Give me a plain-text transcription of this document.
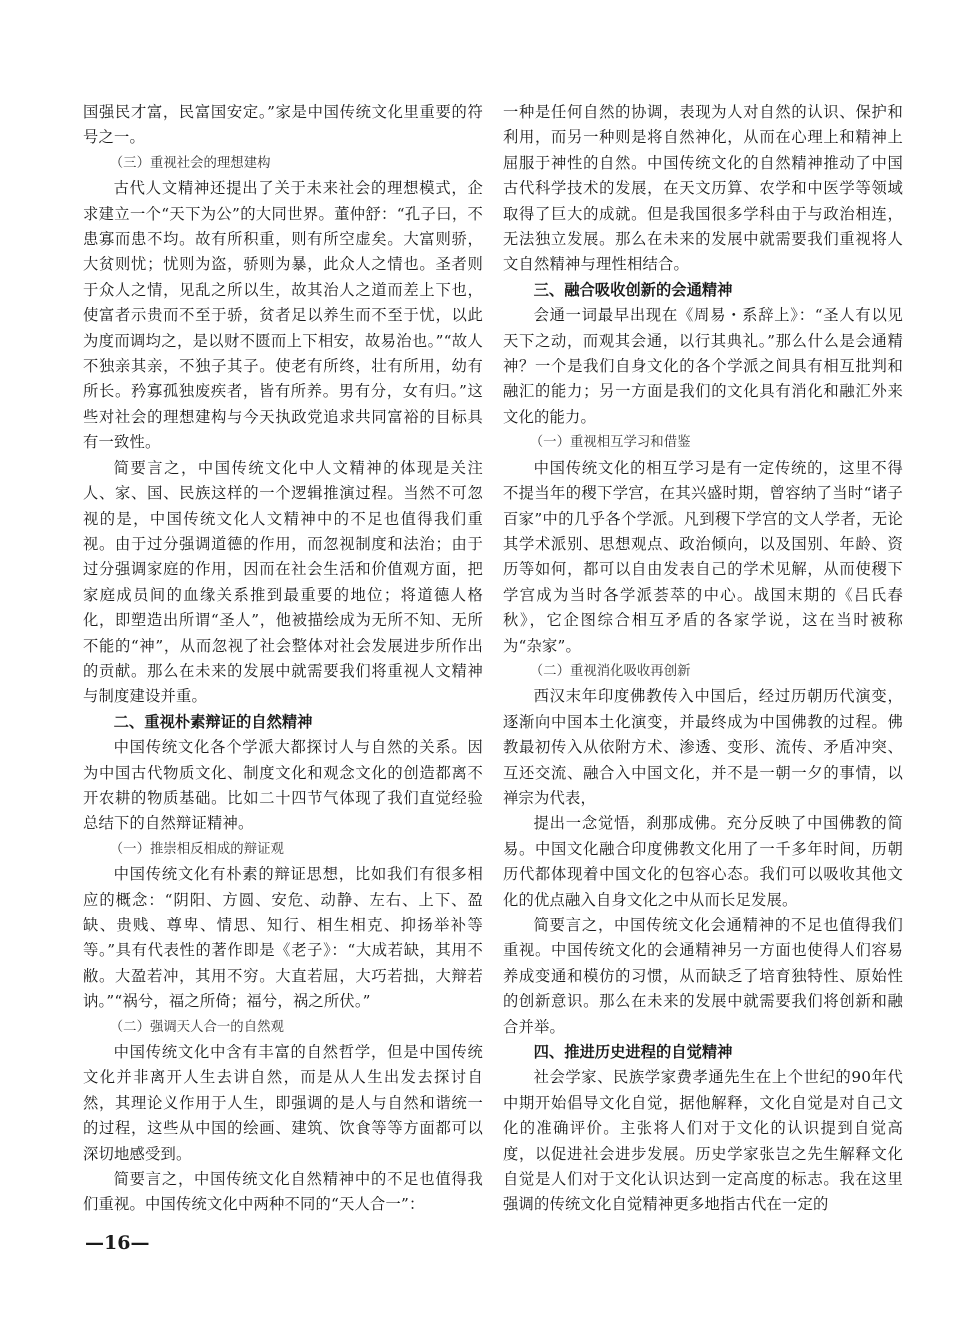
国强民才富，民富国安定。”家是中国传统文化里重要的符号之一。

（三）重视社会的理想建构

古代人文精神还提出了关于未来社会的理想模式，企求建立一个“天下为公”的大同世界。董仲舒：“孔子曰，不患寡而患不均。故有所积重，则有所空虚矣。大富则骄，大贫则忧；忧则为盗，骄则为暴，此众人之情也。圣者则于众人之情，见乱之所以生，故其治人之道而差上下也，使富者示贵而不至于骄，贫者足以养生而不至于忧，以此为度而调均之，是以财不匮而上下相安，故易治也。”“故人不独亲其亲，不独子其子。使老有所终，壮有所用，幼有所长。矜寡孤独废疾者，皆有所养。男有分，女有归。”这些对社会的理想建构与今天执政党追求共同富裕的目标具有一致性。

简要言之，中国传统文化中人文精神的体现是关注人、家、国、民族这样的一个逻辑推演过程。当然不可忽视的是，中国传统文化人文精神中的不足也值得我们重视。由于过分强调道德的作用，而忽视制度和法治；由于过分强调家庭的作用，因而在社会生活和价值观方面，把家庭成员间的血缘关系推到最重要的地位；将道德人格化，即塑造出所谓“圣人”，他被描绘成为无所不知、无所不能的“神”，从而忽视了社会整体对社会发展进步所作出的贡献。那么在未来的发展中就需要我们将重视人文精神与制度建设并重。

二、重视朴素辩证的自然精神

中国传统文化各个学派大都探讨人与自然的关系。因为中国古代物质文化、制度文化和观念文化的创造都离不开农耕的物质基础。比如二十四节气体现了我们直觉经验总结下的自然辩证精神。

（一）推崇相反相成的辩证观

中国传统文化有朴素的辩证思想，比如我们有很多相应的概念：“阴阳、方圆、安危、动静、左右、上下、盈缺、贵贱、尊卑、情思、知行、相生相克、抑扬举补等等。”具有代表性的著作即是《老子》：“大成若缺，其用不敝。大盈若冲，其用不穷。大直若屈，大巧若拙，大辩若讷。”“祸兮，福之所倚；福兮，祸之所伏。”

（二）强调天人合一的自然观

中国传统文化中含有丰富的自然哲学，但是中国传统文化并非离开人生去讲自然，而是从人生出发去探讨自然，其理论义作用于人生，即强调的是人与自然和谐统一的过程，这些从中国的绘画、建筑、饮食等等方面都可以深切地感受到。

简要言之，中国传统文化自然精神中的不足也值得我们重视。中国传统文化中两种不同的“天人合一”：

一种是任何自然的协调，表现为人对自然的认识、保护和利用，而另一种则是将自然神化，从而在心理上和精神上屈服于神性的自然。中国传统文化的自然精神推动了中国古代科学技术的发展，在天文历算、农学和中医学等领域取得了巨大的成就。但是我国很多学科由于与政治相连，无法独立发展。那么在未来的发展中就需要我们重视将人文自然精神与理性相结合。

三、融合吸收创新的会通精神

会通一词最早出现在《周易・系辞上》：“圣人有以见天下之动，而观其会通，以行其典礼。”那么什么是会通精神？一个是我们自身文化的各个学派之间具有相互批判和融汇的能力；另一方面是我们的文化具有消化和融汇外来文化的能力。

（一）重视相互学习和借鉴

中国传统文化的相互学习是有一定传统的，这里不得不提当年的稷下学宫，在其兴盛时期，曾容纳了当时“诸子百家”中的几乎各个学派。凡到稷下学宫的文人学者，无论其学术派别、思想观点、政治倾向，以及国别、年龄、资历等如何，都可以自由发表自己的学术见解，从而使稷下学宫成为当时各学派荟萃的中心。战国末期的《吕氏春秋》，它企图综合相互矛盾的各家学说，这在当时被称为“杂家”。

（二）重视消化吸收再创新

西汉末年印度佛教传入中国后，经过历朝历代演变，逐渐向中国本土化演变，并最终成为中国佛教的过程。佛教最初传入从依附方术、渗透、变形、流传、矛盾冲突、互还交流、融合入中国文化，并不是一朝一夕的事情，以禅宗为代表，

提出一念觉悟，刹那成佛。充分反映了中国佛教的简易。中国文化融合印度佛教文化用了一千多年时间，历朝历代都体现着中国文化的包容心态。我们可以吸收其他文化的优点融入自身文化之中从而长足发展。

简要言之，中国传统文化会通精神的不足也值得我们重视。中国传统文化的会通精神另一方面也使得人们容易养成变通和模仿的习惯，从而缺乏了培育独特性、原始性的创新意识。那么在未来的发展中就需要我们将创新和融合并举。

四、推进历史进程的自觉精神

社会学家、民族学家费孝通先生在上个世纪的90年代中期开始倡导文化自觉，据他解释，文化自觉是对自己文化的准确评价。主张将人们对于文化的认识提到自觉高度，以促进社会进步发展。历史学家张岂之先生解释文化自觉是人们对于文化认识达到一定高度的标志。我在这里强调的传统文化自觉精神更多地指古代在一定的

—16—
